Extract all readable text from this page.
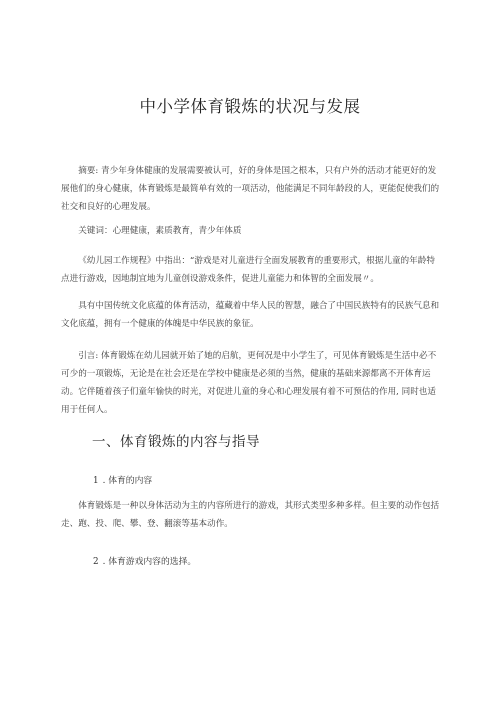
中小学体育锻炼的状况与发展

摘要: 青少年身体健康的发展需要被认可，好的身体是国之根本，只有户外的活动才能更好的发展他们的身心健康，体育锻炼是最简单有效的一项活动，他能满足不同年龄段的人，更能促使我们的社交和良好的心理发展。

关键词：心理健康，素质教育，青少年体质

《幼儿园工作规程》中指出：“游戏是对儿童进行全面发展教育的重要形式，根据儿童的年龄特点进行游戏，因地制宜地为儿童创设游戏条件，促进儿童能力和体智的全面发展〃。

具有中国传统文化底蕴的体育活动，蕴藏着中华人民的智慧，融合了中国民族特有的民族气息和文化底蕴，拥有一个健康的体魄是中华民族的象征。

引言: 体育锻炼在幼儿园就开始了她的启航，更何况是中小学生了，可见体育锻炼是生活中必不可少的一项锻炼，无论是在社会还是在学校中健康是必须的当然，健康的基础来源都离不开体育运动。它伴随着孩子们童年愉快的时光，对促进儿童的身心和心理发展有着不可预估的作用, 同时也适用于任何人。

一、体育锻炼的内容与指导
1 . 体育的内容

体育锻炼是一种以身体活动为主的内容所进行的游戏，其形式类型多种多样。但主要的动作包括走、跑、投、爬、攀、登、翻滚等基本动作。

2 . 体育游戏内容的选择。
